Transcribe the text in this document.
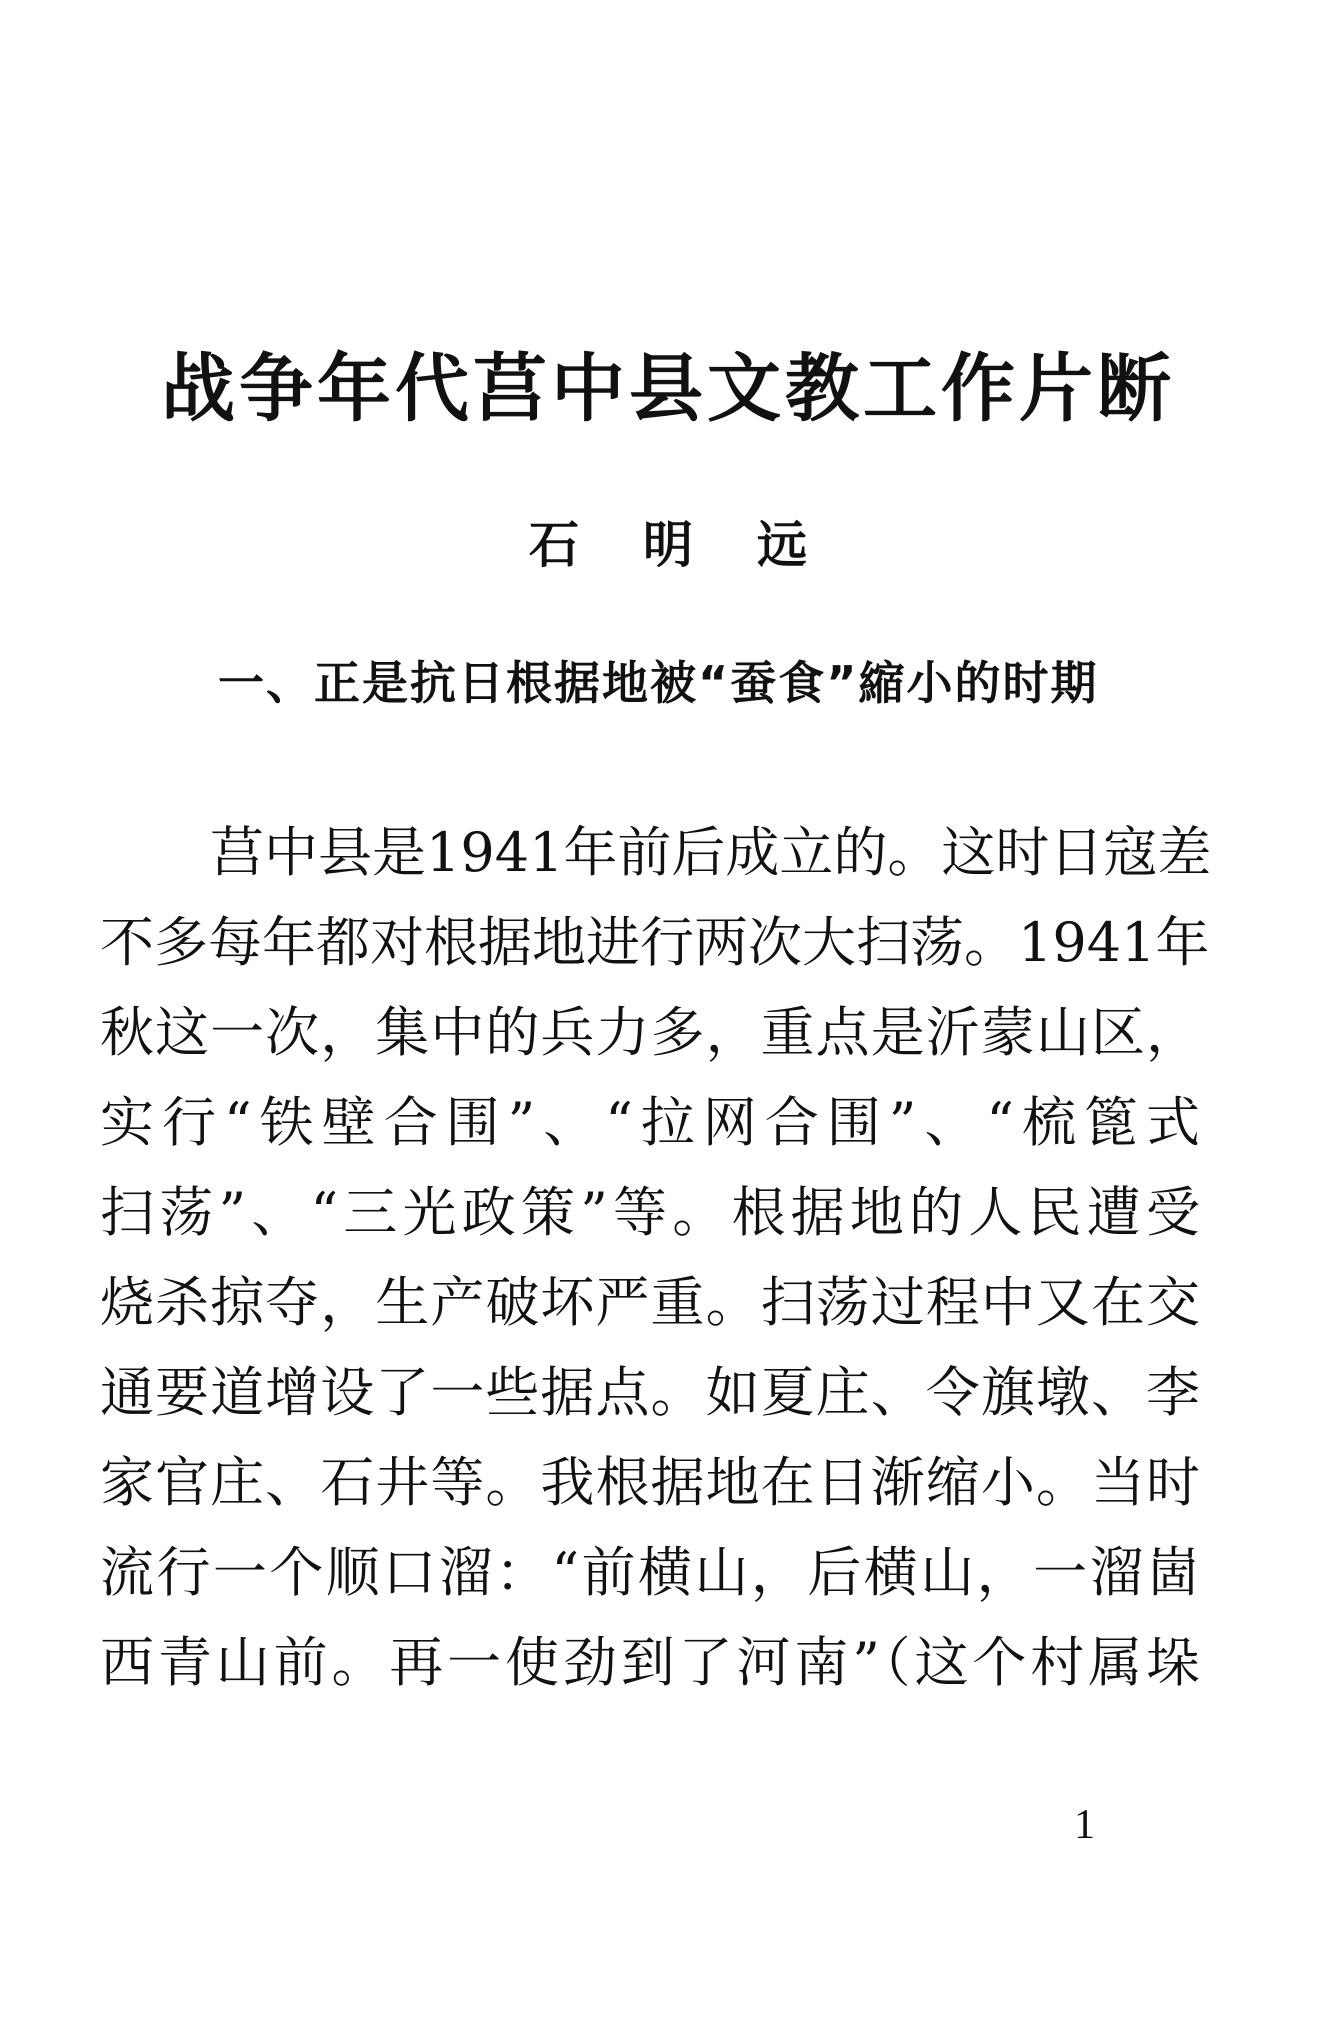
战争年代莒中县文教工作片断
石明远
一、正是抗日根据地被“蚕食”縮小的时期
莒中县是1941年前后成立的。这时日寇差
不多每年都对根据地进行两次大扫荡。1941年
秋这一次，集中的兵力多，重点是沂蒙山区，
实行“铁壁合围”、“拉网合围”、“梳篦式
扫荡”、“三光政策”等。根据地的人民遭受
烧杀掠夺，生产破坏严重。扫荡过程中又在交
通要道增设了一些据点。如夏庄、令旗墩、李
家官庄、石井等。我根据地在日渐缩小。当时
流行一个顺口溜：“前横山，后横山，一溜崮
西青山前。再一使劲到了河南”（这个村属垛
1
